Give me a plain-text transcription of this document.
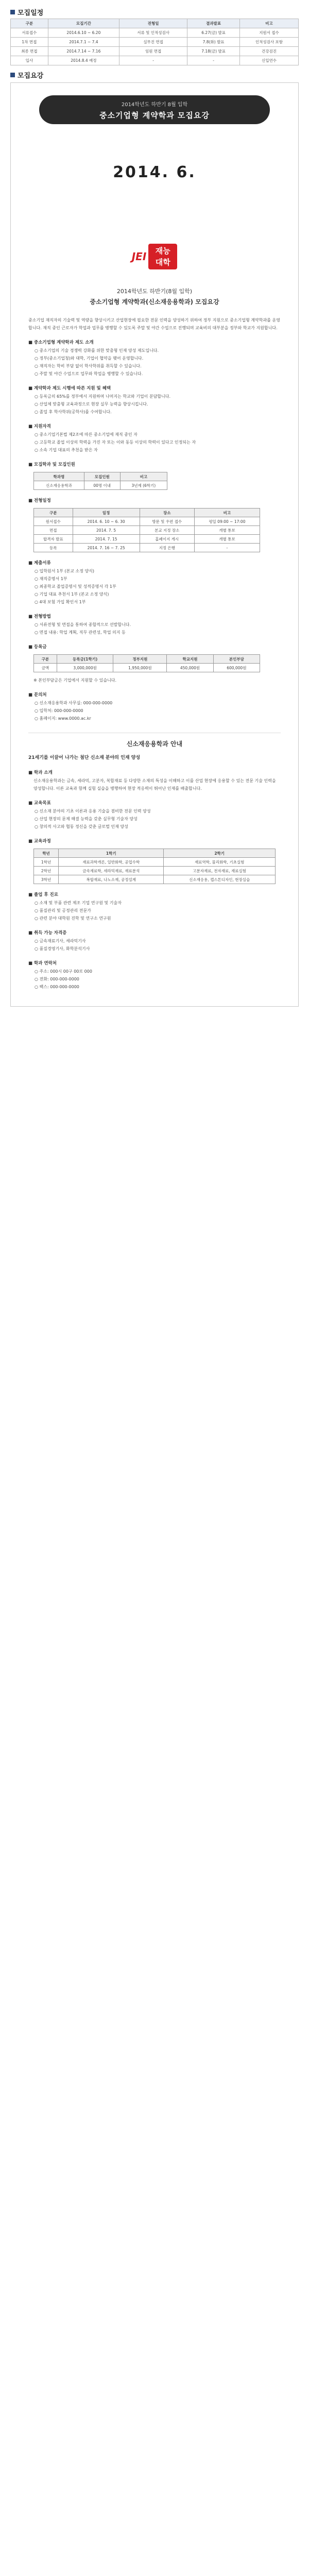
모집일정
구분	모집기간	전형일	결과발표	비고
서류접수	2014.6.10 ~ 6.20	서류 및 인적성검사	6.27(금) 발표	지원서 접수
1차 면접	2014.7.1 ~ 7.4	실무진 면접	7.8(화) 발표	인적성검사 포함
최종 면접	2014.7.14 ~ 7.16	임원 면접	7.18(금) 발표	건강검진
입사	2014.8.4 예정	-	-	신입연수
모집요강
2014학년도 하반기 8월 입학
중소기업형 계약학과 모집요강
2014. 6.
JEI	재능
대학
2014학년도 하반기(8월 입학)
중소기업형 계약학과(신소재응용학과) 모집요강

중소기업 재직자의 기술력 및 역량을 향상시키고 산업현장에 필요한 전문 인력을 양성하기 위하여 정부 지원으로 중소기업형 계약학과를 운영합니다. 재직 중인 근로자가 학업과 업무를 병행할 수 있도록 주말 및 야간 수업으로 진행되며 교육비의 대부분을 정부와 학교가 지원합니다.

■ 중소기업형 계약학과 제도 소개
○ 중소기업의 기술 경쟁력 강화를 위한 맞춤형 인재 양성 제도입니다.
○ 정부(중소기업청)와 대학, 기업이 협약을 맺어 운영합니다.
○ 재직자는 학비 부담 없이 학사학위를 취득할 수 있습니다.
○ 주말 및 야간 수업으로 업무와 학업을 병행할 수 있습니다.
■ 계약학과 제도 시행에 따른 지원 및 혜택
○ 등록금의 65%를 정부에서 지원하며 나머지는 학교와 기업이 분담합니다.
○ 산업체 맞춤형 교육과정으로 현장 실무 능력을 향상시킵니다.
○ 졸업 후 학사학위(공학사)를 수여합니다.
■ 지원자격
○ 중소기업기본법 제2조에 따른 중소기업에 재직 중인 자
○ 고등학교 졸업 이상의 학력을 가진 자 또는 이와 동등 이상의 학력이 있다고 인정되는 자
○ 소속 기업 대표의 추천을 받은 자
■ 모집학과 및 모집인원
학과명	모집인원	비고
신소재응용학과	00명 이내	3년제 (6학기)
■ 전형일정
구분	일정	장소	비고
원서접수	2014. 6. 10 ~ 6. 30	방문 및 우편 접수	평일 09:00 ~ 17:00
면접	2014. 7. 5	본교 지정 장소	개별 통보
합격자 발표	2014. 7. 15	홈페이지 게시	개별 통보
등록	2014. 7. 16 ~ 7. 25	지정 은행	-
■ 제출서류
○ 입학원서 1부 (본교 소정 양식)
○ 재직증명서 1부
○ 최종학교 졸업증명서 및 성적증명서 각 1부
○ 기업 대표 추천서 1부 (본교 소정 양식)
○ 4대 보험 가입 확인서 1부
■ 전형방법
○ 서류전형 및 면접을 통하여 종합적으로 선발합니다.
○ 면접 내용: 학업 계획, 직무 관련성, 학업 의지 등
■ 등록금
구분	등록금(1학기)	정부지원	학교지원	본인부담
금액	3,000,000원	1,950,000원	450,000원	600,000원
※ 본인부담금은 기업에서 지원할 수 있습니다.
■ 문의처
○ 신소재응용학과 사무실: 000-000-0000
○ 입학처: 000-000-0000
○ 홈페이지: www.0000.ac.kr
신소재응용학과 안내
21세기를 이끌어 나가는 첨단 신소재 분야의 인재 양성
■ 학과 소개

신소재응용학과는 금속, 세라믹, 고분자, 복합재료 등 다양한 소재의 특성을 이해하고 이를 산업 현장에 응용할 수 있는 전문 기술 인력을 양성합니다. 이론 교육과 함께 실험 실습을 병행하여 현장 적응력이 뛰어난 인재를 배출합니다.

■ 교육목표
○ 신소재 분야의 기초 이론과 응용 기술을 겸비한 전문 인력 양성
○ 산업 현장의 문제 해결 능력을 갖춘 실무형 기술자 양성
○ 창의적 사고와 협동 정신을 갖춘 글로벌 인재 양성
■ 교육과정
학년	1학기	2학기
1학년	재료과학개론, 일반화학, 공업수학	재료역학, 물리화학, 기초실험
2학년	금속재료학, 세라믹재료, 재료분석	고분자재료, 전자재료, 재료실험
3학년	복합재료, 나노소재, 공정설계	신소재응용, 캡스톤디자인, 현장실습
■ 졸업 후 진로
○ 소재 및 부품 관련 제조 기업 연구원 및 기술자
○ 품질관리 및 공정관리 전문가
○ 관련 분야 대학원 진학 및 연구소 연구원
■ 취득 가능 자격증
○ 금속재료기사, 세라믹기사
○ 품질경영기사, 화학분석기사
■ 학과 연락처
○ 주소: 000시 00구 00로 000
○ 전화: 000-000-0000
○ 팩스: 000-000-0000
